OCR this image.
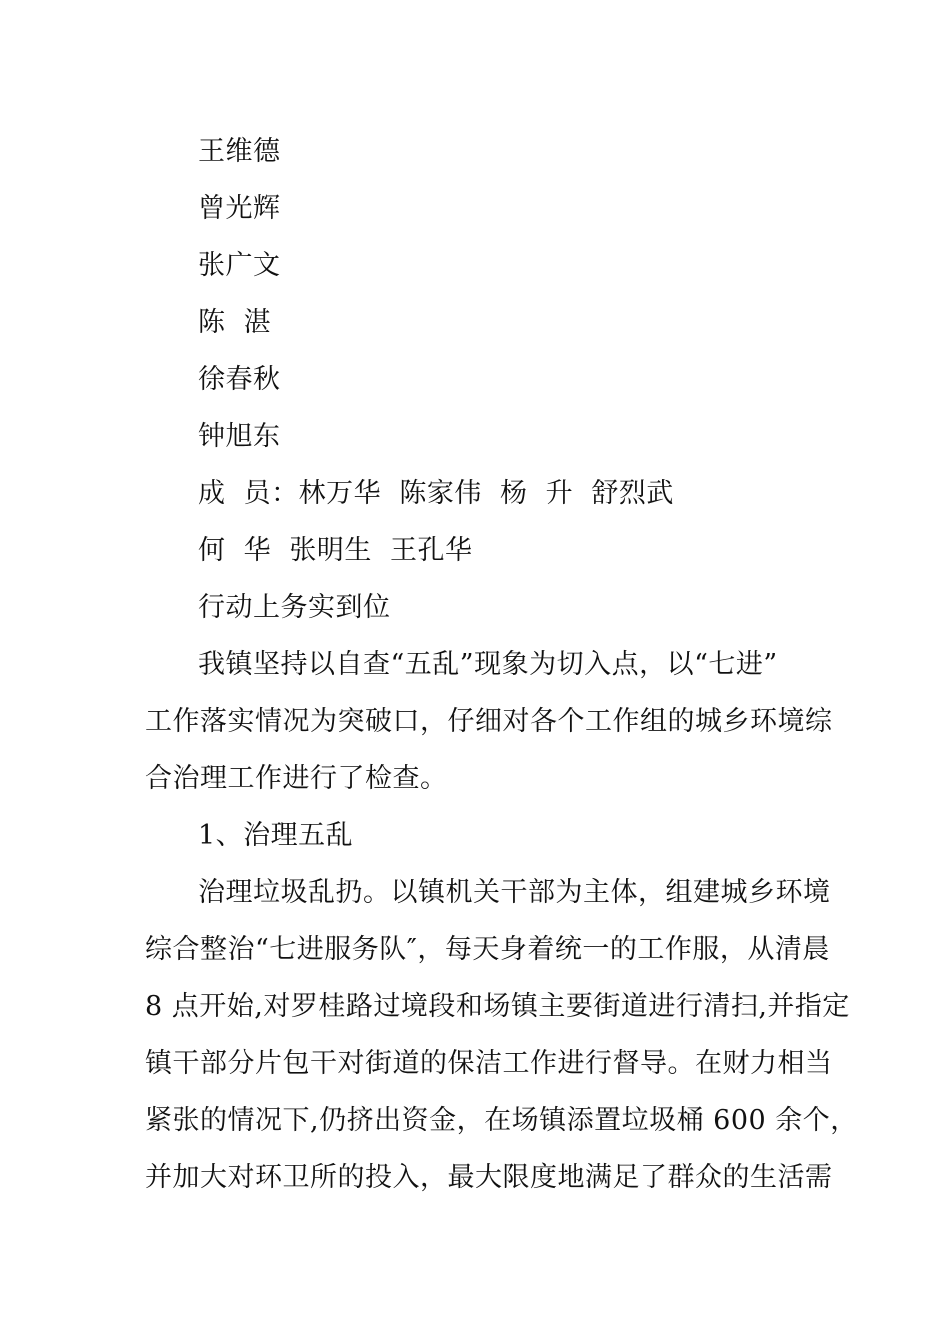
王维德
曾光辉
张广文
陈  湛
徐春秋
钟旭东
成  员：林万华  陈家伟  杨  升  舒烈武
何  华  张明生  王孔华
行动上务实到位
我镇坚持以自查“五乱”现象为切入点，以“七进”
工作落实情况为突破口，仔细对各个工作组的城乡环境综
合治理工作进行了检查。
1、治理五乱
治理垃圾乱扔。以镇机关干部为主体，组建城乡环境
综合整治“七进服务队″，每天身着统一的工作服，从清晨
8 点开始,对罗桂路过境段和场镇主要街道进行清扫,并指定
镇干部分片包干对街道的保洁工作进行督导。在财力相当
紧张的情况下,仍挤出资金，在场镇添置垃圾桶 600 余个，
并加大对环卫所的投入，最大限度地满足了群众的生活需
